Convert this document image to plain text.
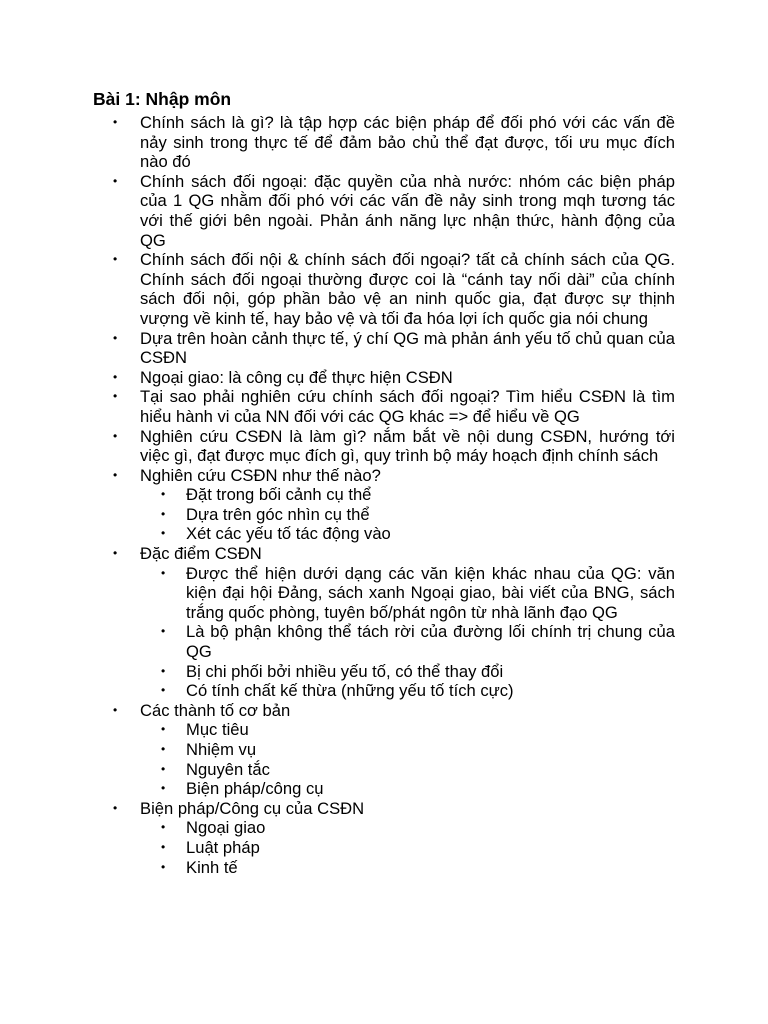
Bài 1: Nhập môn
• Chính sách là gì? là tập hợp các biện pháp để đối phó với các vấn đề nảy sinh trong thực tế để đảm bảo chủ thể đạt được, tối ưu mục đích nào đó
• Chính sách đối ngoại: đặc quyền của nhà nước: nhóm các biện pháp của 1 QG nhằm đối phó với các vấn đề nảy sinh trong mqh tương tác với thế giới bên ngoài. Phản ánh năng lực nhận thức, hành động của QG
• Chính sách đối nội & chính sách đối ngoại? tất cả chính sách của QG. Chính sách đối ngoại thường được coi là “cánh tay nối dài” của chính sách đối nội, góp phần bảo vệ an ninh quốc gia, đạt được sự thịnh vượng về kinh tế, hay bảo vệ và tối đa hóa lợi ích quốc gia nói chung
• Dựa trên hoàn cảnh thực tế, ý chí QG mà phản ánh yếu tố chủ quan của CSĐN
• Ngoại giao: là công cụ để thực hiện CSĐN
• Tại sao phải nghiên cứu chính sách đối ngoại? Tìm hiểu CSĐN là tìm hiểu hành vi của NN đối với các QG khác => để hiểu về QG
• Nghiên cứu CSĐN là làm gì? nắm bắt về nội dung CSĐN, hướng tới việc gì, đạt được mục đích gì, quy trình bộ máy hoạch định chính sách
• Nghiên cứu CSĐN như thế nào?
• Đặt trong bối cảnh cụ thể
• Dựa trên góc nhìn cụ thể
• Xét các yếu tố tác động vào
• Đặc điểm CSĐN
• Được thể hiện dưới dạng các văn kiện khác nhau của QG: văn kiện đại hội Đảng, sách xanh Ngoại giao, bài viết của BNG, sách trắng quốc phòng, tuyên bố/phát ngôn từ nhà lãnh đạo QG
• Là bộ phận không thể tách rời của đường lối chính trị chung của QG
• Bị chi phối bởi nhiều yếu tố, có thể thay đổi
• Có tính chất kế thừa (những yếu tố tích cực)
• Các thành tố cơ bản
• Mục tiêu
• Nhiệm vụ
• Nguyên tắc
• Biện pháp/công cụ
• Biện pháp/Công cụ của CSĐN
• Ngoại giao
• Luật pháp
• Kinh tế
